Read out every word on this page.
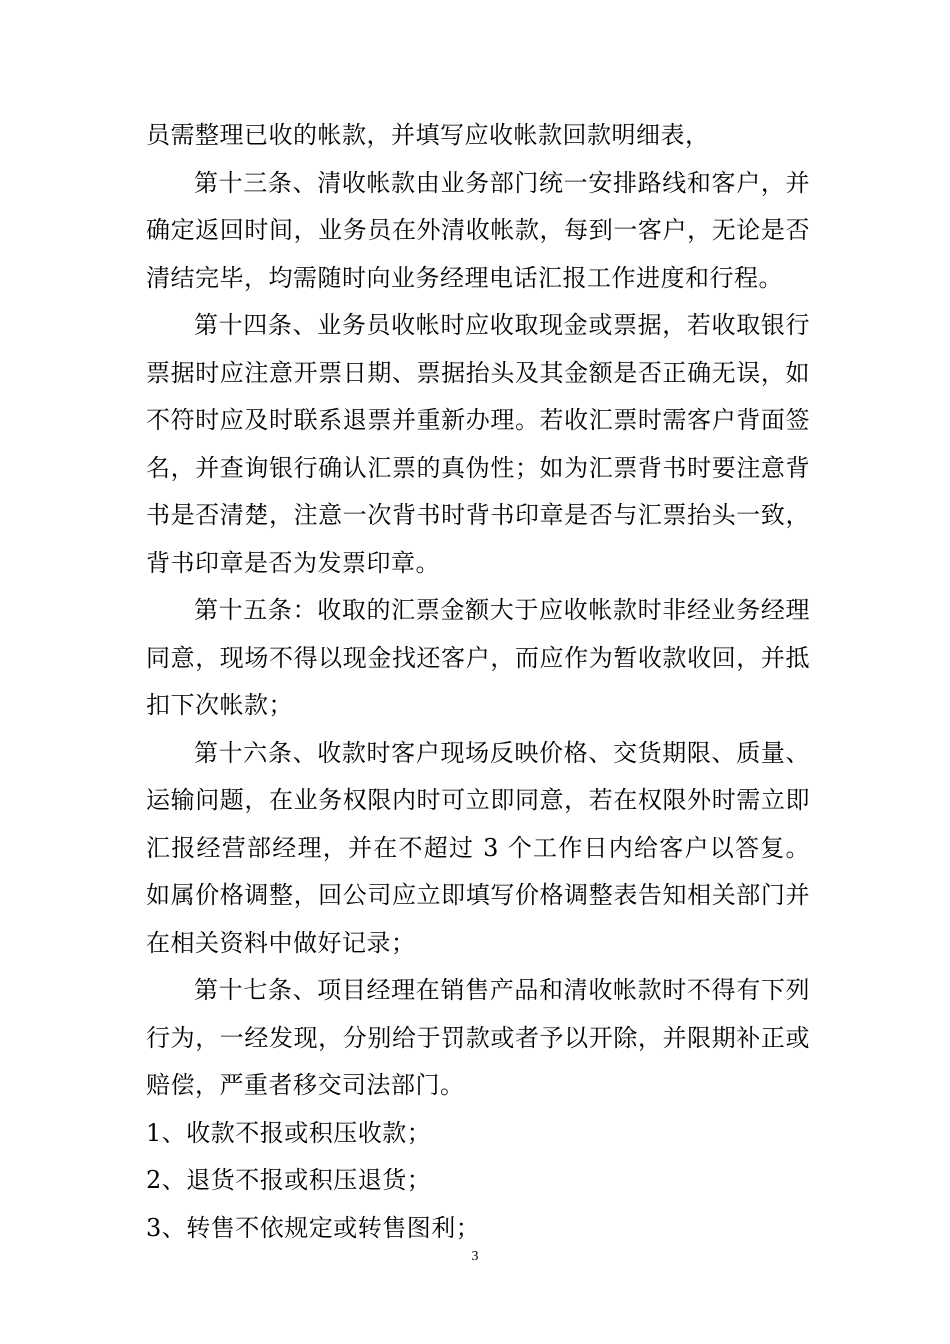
员需整理已收的帐款，并填写应收帐款回款明细表，

第十三条、清收帐款由业务部门统一安排路线和客户，并确定返回时间，业务员在外清收帐款，每到一客户，无论是否清结完毕，均需随时向业务经理电话汇报工作进度和行程。

第十四条、业务员收帐时应收取现金或票据，若收取银行票据时应注意开票日期、票据抬头及其金额是否正确无误，如不符时应及时联系退票并重新办理。若收汇票时需客户背面签名，并查询银行确认汇票的真伪性；如为汇票背书时要注意背书是否清楚，注意一次背书时背书印章是否与汇票抬头一致，背书印章是否为发票印章。

第十五条：收取的汇票金额大于应收帐款时非经业务经理同意，现场不得以现金找还客户，而应作为暂收款收回，并抵扣下次帐款；

第十六条、收款时客户现场反映价格、交货期限、质量、运输问题，在业务权限内时可立即同意，若在权限外时需立即汇报经营部经理，并在不超过 3 个工作日内给客户以答复。如属价格调整，回公司应立即填写价格调整表告知相关部门并在相关资料中做好记录；

第十七条、项目经理在销售产品和清收帐款时不得有下列行为，一经发现，分别给于罚款或者予以开除，并限期补正或赔偿，严重者移交司法部门。

1、收款不报或积压收款；

2、退货不报或积压退货；

3、转售不依规定或转售图利；

3
